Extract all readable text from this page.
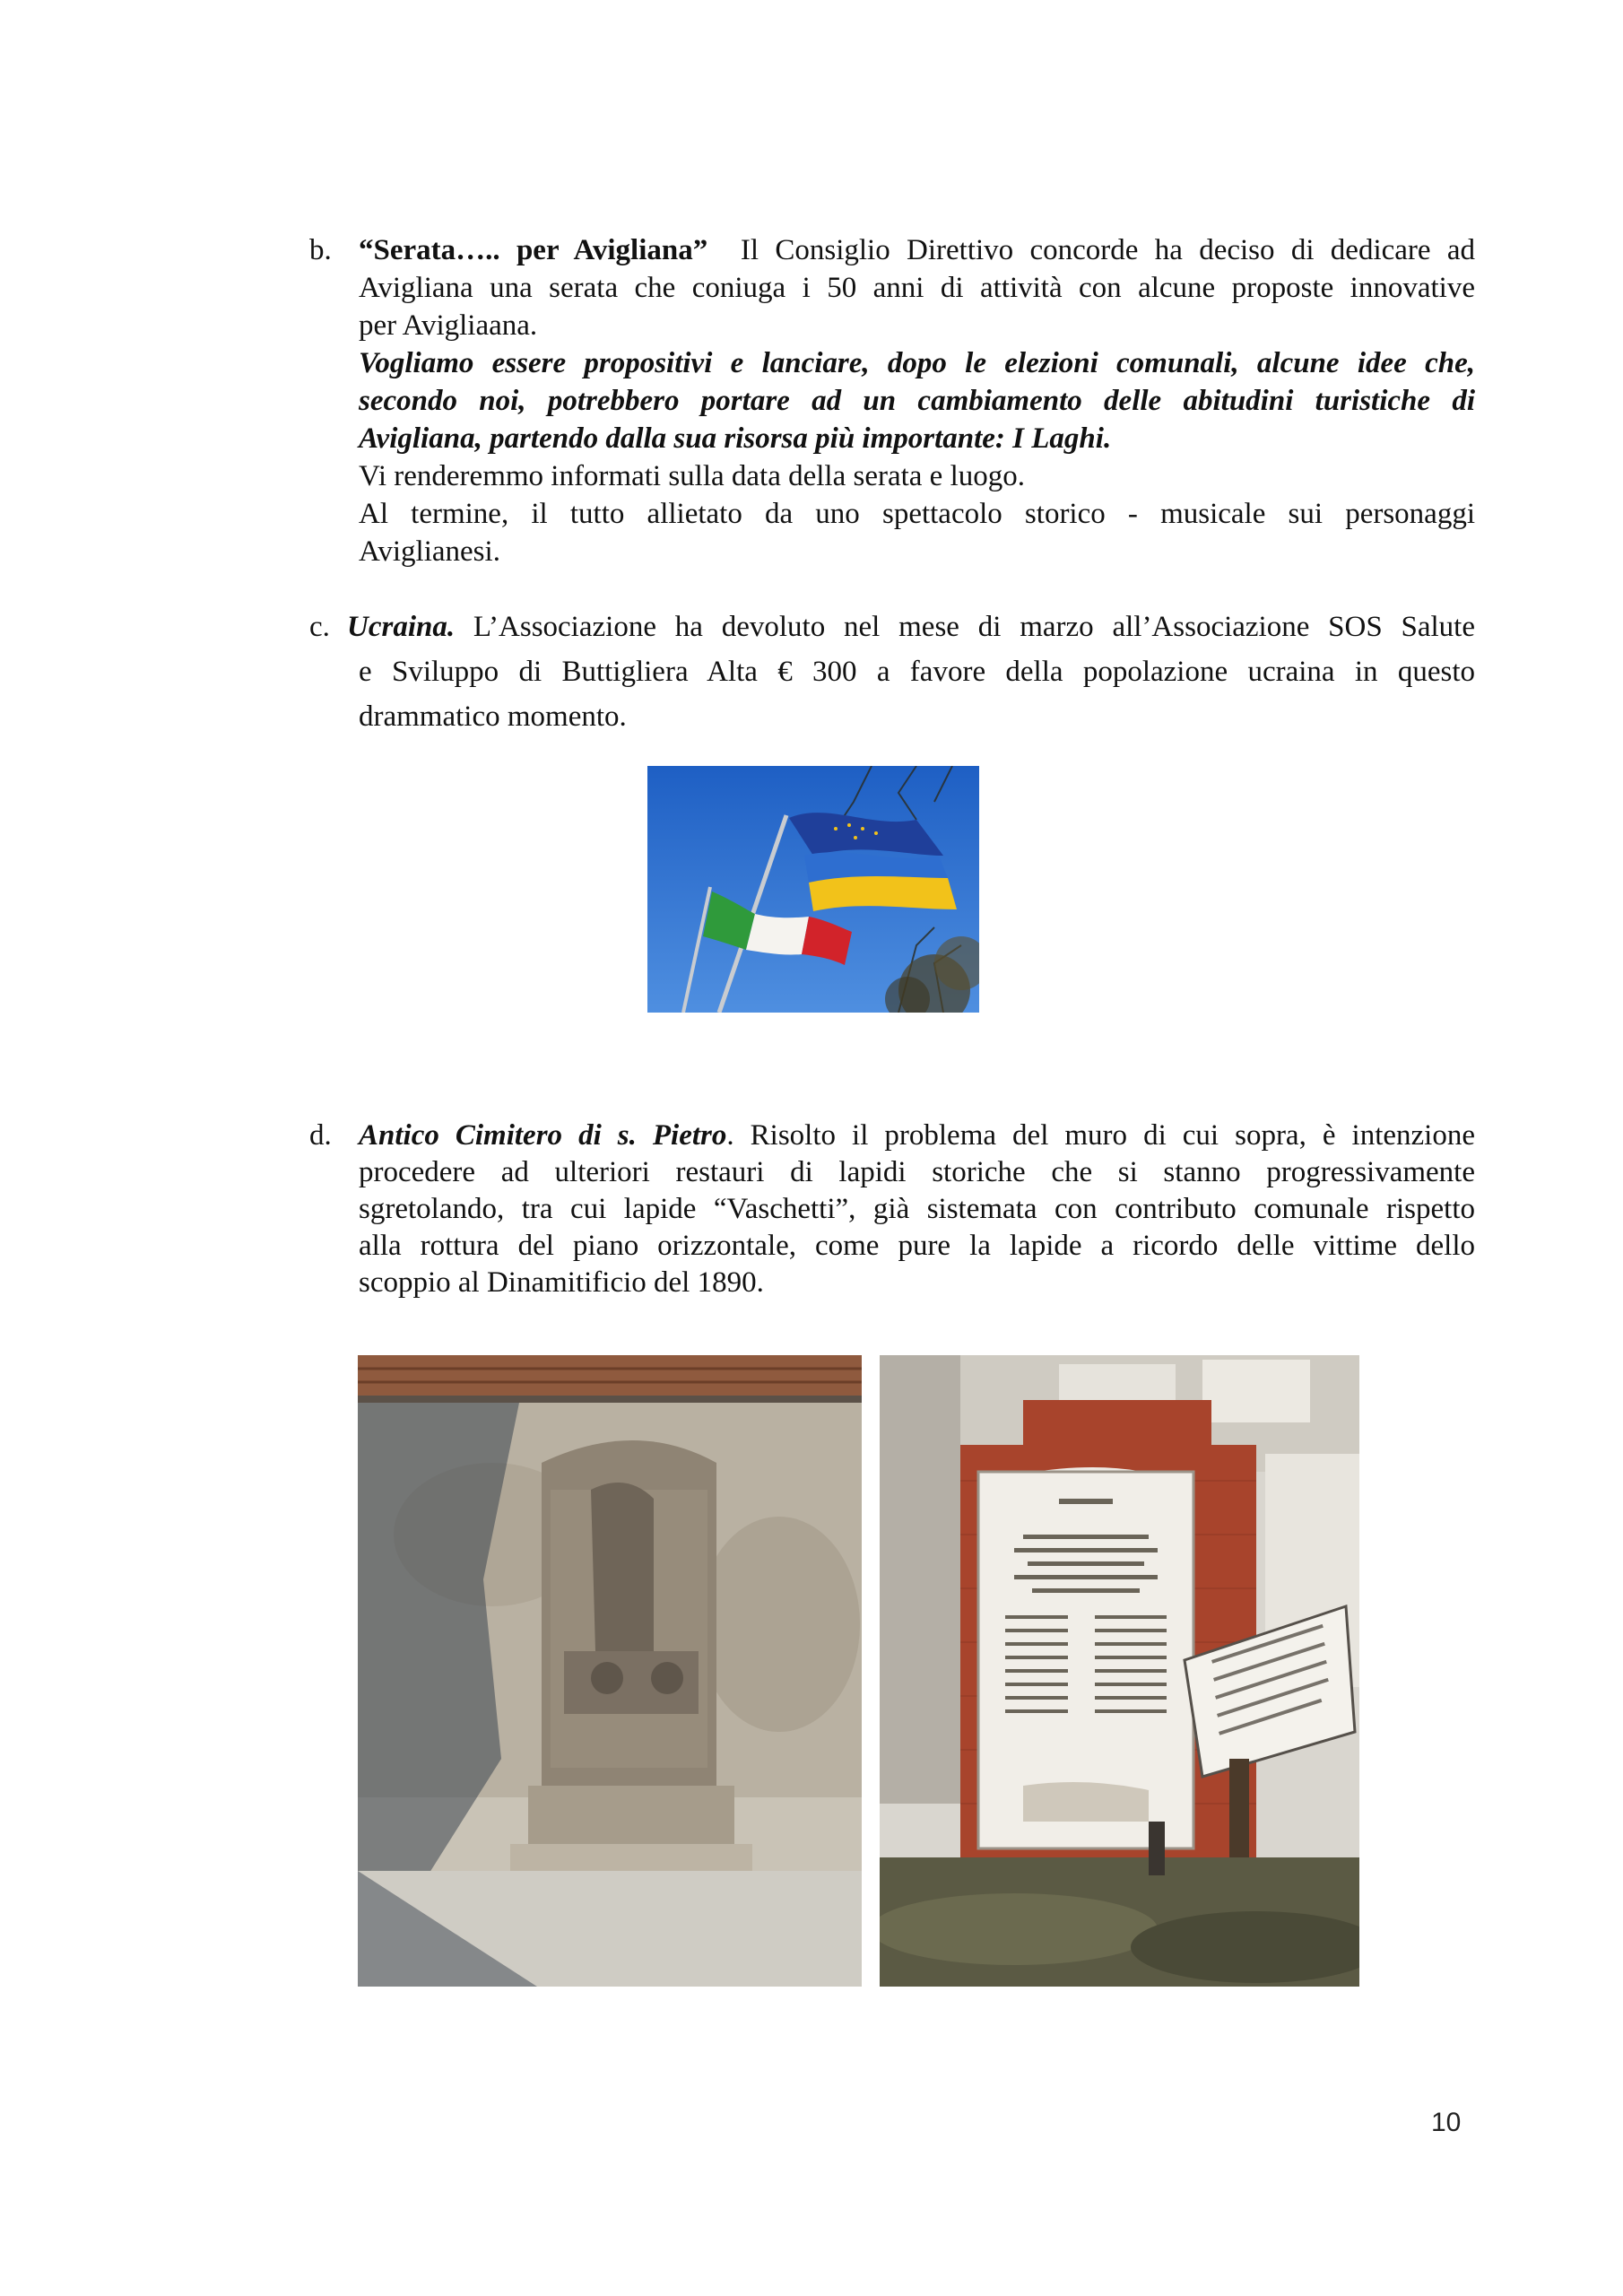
b. “Serata….. per Avigliana” Il Consiglio Direttivo concorde ha deciso di dedicare ad
Avigliana una serata che coniuga i 50 anni di attività con alcune proposte innovative
per Avigliaana.
Vogliamo essere propositivi e lanciare, dopo le elezioni comunali, alcune idee che,
secondo noi, potrebbero portare ad un cambiamento delle abitudini turistiche di
Avigliana, partendo dalla sua risorsa più importante: I Laghi.
Vi renderemmo informati sulla data della serata e luogo.
Al termine, il tutto allietato da uno spettacolo storico - musicale sui personaggi
Aviglianesi.
c. Ucraina. L’Associazione ha devoluto nel mese di marzo all’Associazione SOS Salute
e Sviluppo di Buttigliera Alta € 300 a favore della popolazione ucraina in questo
drammatico momento.
d. Antico Cimitero di s. Pietro. Risolto il problema del muro di cui sopra, è intenzione
procedere ad ulteriori restauri di lapidi storiche che si stanno progressivamente
sgretolando, tra cui lapide “Vaschetti”, già sistemata con contributo comunale rispetto
alla rottura del piano orizzontale, come pure la lapide a ricordo delle vittime dello
scoppio al Dinamitificio del 1890.
10
